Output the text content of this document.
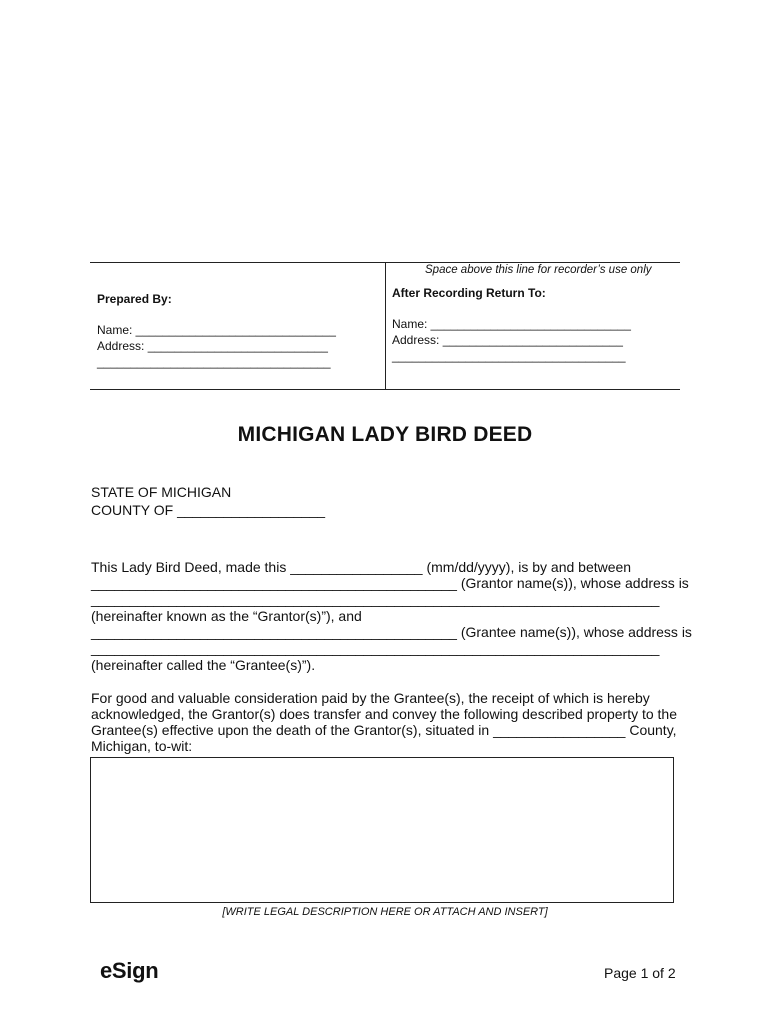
Space above this line for recorder’s use only
Prepared By:
Name: ______________________________
Address: ___________________________
___________________________________
After Recording Return To:
Name: ______________________________
Address: ___________________________
___________________________________
MICHIGAN LADY BIRD DEED
STATE OF MICHIGAN
COUNTY OF ___________________
This Lady Bird Deed, made this _________________ (mm/dd/yyyy), is by and between
_______________________________________________ (Grantor name(s)), whose address is
_________________________________________________________________________
(hereinafter known as the “Grantor(s)”), and
_______________________________________________ (Grantee name(s)), whose address is
_________________________________________________________________________
(hereinafter called the “Grantee(s)”).
For good and valuable consideration paid by the Grantee(s), the receipt of which is hereby
acknowledged, the Grantor(s) does transfer and convey the following described property to the
Grantee(s) effective upon the death of the Grantor(s), situated in _________________ County,
Michigan, to-wit:
[WRITE LEGAL DESCRIPTION HERE OR ATTACH AND INSERT]
eSign	Page 1 of 2
